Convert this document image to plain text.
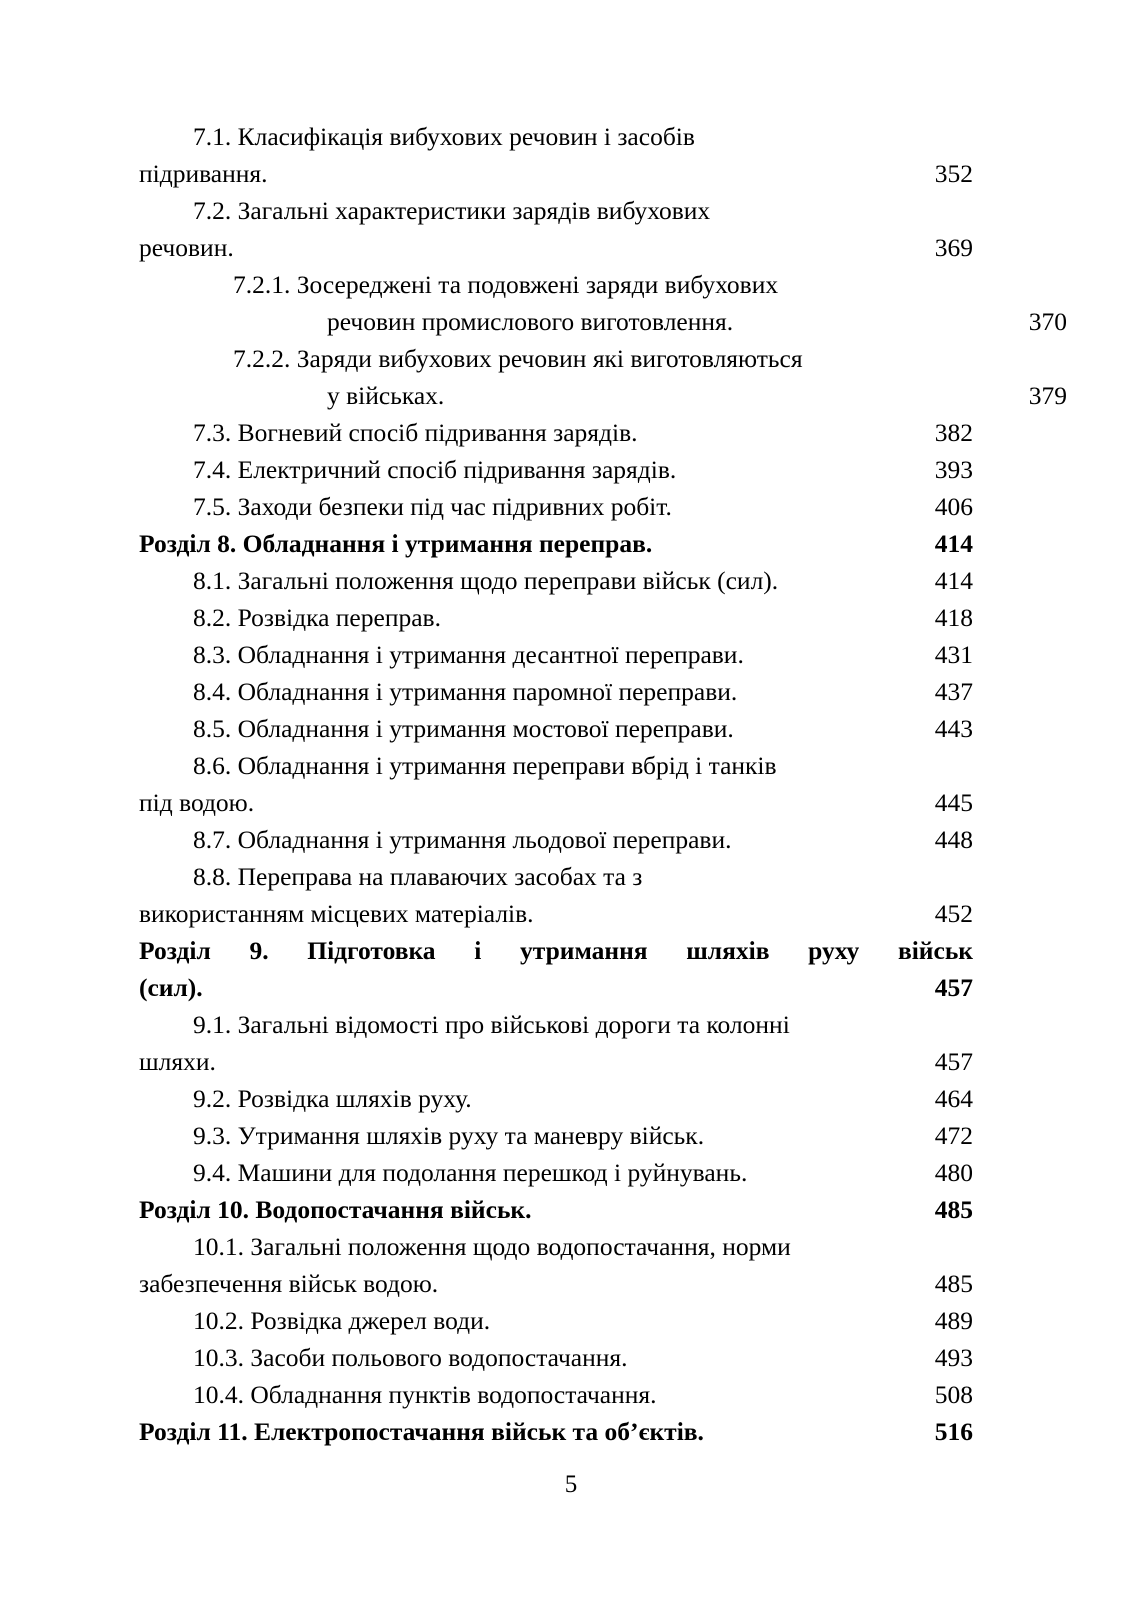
7.1. Класифікація вибухових речовин і засобів
підривання.	352
7.2. Загальні характеристики зарядів вибухових
речовин.	369
7.2.1. Зосереджені та подовжені заряди вибухових
речовин промислового виготовлення.	370
7.2.2. Заряди вибухових речовин які виготовляються
у військах.	379
7.3. Вогневий спосіб підривання зарядів.	382
7.4. Електричний спосіб підривання зарядів.	393
7.5. Заходи безпеки під час підривних робіт.	406
Розділ 8. Обладнання і утримання переправ.	414
8.1. Загальні положення щодо переправи військ (сил).	414
8.2. Розвідка переправ.	418
8.3. Обладнання і утримання десантної переправи.	431
8.4. Обладнання і утримання паромної переправи.	437
8.5. Обладнання і утримання мостової переправи.	443
8.6. Обладнання і утримання переправи вбрід і танків
під водою.	445
8.7. Обладнання і утримання льодової переправи.	448
8.8. Переправа на плаваючих засобах та з
використанням місцевих матеріалів.	452
Розділ 9. Підготовка і утримання шляхів руху військ
(сил).	457
9.1. Загальні відомості про військові дороги та колонні
шляхи.	457
9.2. Розвідка шляхів руху.	464
9.3. Утримання шляхів руху та маневру військ.	472
9.4. Машини для подолання перешкод і руйнувань.	480
Розділ 10. Водопостачання військ.	485
10.1. Загальні положення щодо водопостачання, норми
забезпечення військ водою.	485
10.2. Розвідка джерел води.	489
10.3. Засоби польового водопостачання.	493
10.4. Обладнання пунктів водопостачання.	508
Розділ 11. Електропостачання військ та об’єктів.	516
5
